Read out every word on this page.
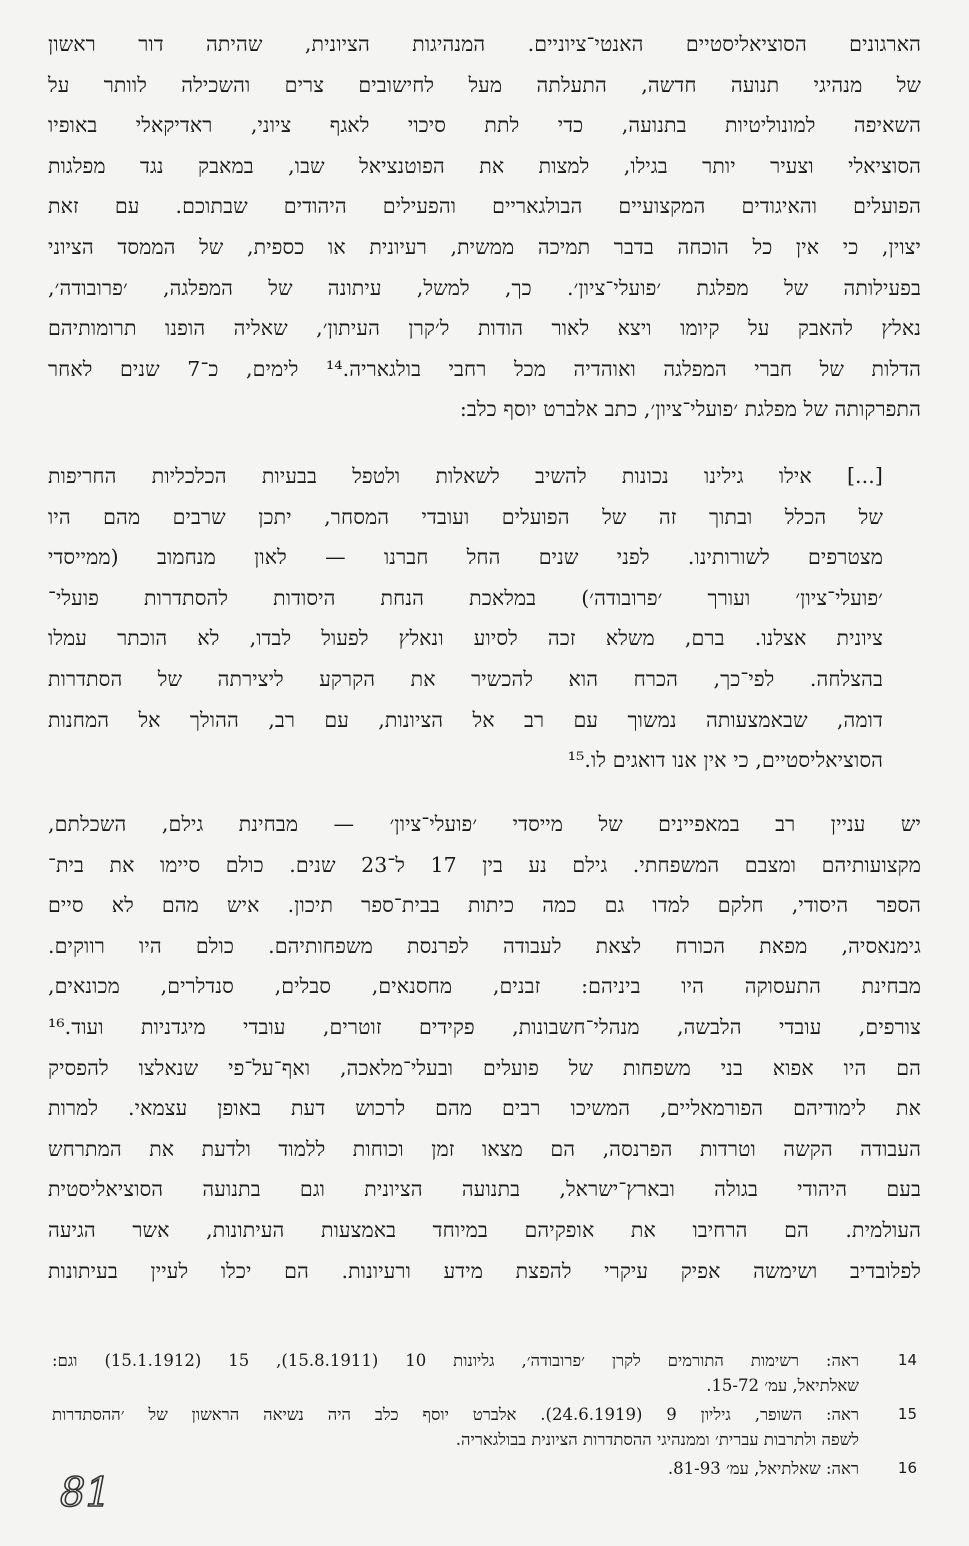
הארגונים הסוציאליסטיים האנטי־ציוניים. המנהיגות הציונית, שהיתה דור ראשון
של מנהיגי תנועה חדשה, התעלתה מעל לחישובים צרים והשכילה לוותר על
השאיפה למונוליטיות בתנועה, כדי לתת סיכוי לאגף ציוני, ראדיקאלי באופיו
הסוציאלי וצעיר יותר בגילו, למצות את הפוטנציאל שבו, במאבק נגד מפלגות
הפועלים והאיגודים המקצועיים הבולגאריים והפעילים היהודים שבתוכם. עם זאת
יצוין, כי אין כל הוכחה בדבר תמיכה ממשית, רעיונית או כספית, של הממסד הציוני
בפעילותה של מפלגת ׳פועלי־ציון׳. כך, למשל, עיתונה של המפלגה, ׳פרובודה׳,
נאלץ להאבק על קיומו ויצא לאור הודות ל׳קרן העיתון׳, שאליה הופנו תרומותיהם
הדלות של חברי המפלגה ואוהדיה מכל רחבי בולגאריה.¹⁴ לימים, כ־7 שנים לאחר
התפרקותה של מפלגת ׳פועלי־ציון׳, כתב אלברט יוסף כלב:
[...] אילו גילינו נכונות להשיב לשאלות ולטפל בבעיות הכלכליות החריפות
של הכלל ובתוך זה של הפועלים ועובדי המסחר, יתכן שרבים מהם היו
מצטרפים לשורותינו. לפני שנים החל חברנו — לאון מנחמוב (ממייסדי
׳פועלי־ציון׳ ועורך ׳פרובודה׳) במלאכת הנחת היסודות להסתדרות פועלי־
ציונית אצלנו. ברם, משלא זכה לסיוע ונאלץ לפעול לבדו, לא הוכתר עמלו
בהצלחה. לפי־כך, הכרח הוא להכשיר את הקרקע ליצירתה של הסתדרות
דומה, שבאמצעותה נמשוך עם רב אל הציונות, עם רב, ההולך אל המחנות
הסוציאליסטיים, כי אין אנו דואגים לו.¹⁵
יש עניין רב במאפיינים של מייסדי ׳פועלי־ציון׳ — מבחינת גילם, השכלתם,
מקצועותיהם ומצבם המשפחתי. גילם נע בין 17 ל־23 שנים. כולם סיימו את בית־
הספר היסודי, חלקם למדו גם כמה כיתות בבית־ספר תיכון. איש מהם לא סיים
גימנאסיה, מפאת הכורח לצאת לעבודה לפרנסת משפחותיהם. כולם היו רווקים.
מבחינת התעסוקה היו ביניהם: זבנים, מחסנאים, סבלים, סנדלרים, מכונאים,
צורפים, עובדי הלבשה, מנהלי־חשבונות, פקידים זוטרים, עובדי מיגדניות ועוד.¹⁶
הם היו אפוא בני משפחות של פועלים ובעלי־מלאכה, ואף־על־פי שנאלצו להפסיק
את לימודיהם הפורמאליים, המשיכו רבים מהם לרכוש דעת באופן עצמאי. למרות
העבודה הקשה וטרדות הפרנסה, הם מצאו זמן וכוחות ללמוד ולדעת את המתרחש
בעם היהודי בגולה ובארץ־ישראל, בתנועה הציונית וגם בתנועה הסוציאליסטית
העולמית. הם הרחיבו את אופקיהם במיוחד באמצעות העיתונות, אשר הגיעה
לפלובדיב ושימשה אפיק עיקרי להפצת מידע ורעיונות. הם יכלו לעיין בעיתונות
14
ראה: רשימות התורמים לקרן ׳פרובודה׳, גליונות 10 (15.8.1911), 15 (15.1.1912) וגם:
שאלתיאל, עמ׳ 15-72.
15
ראה: השופר, גיליון 9 (24.6.1919). אלברט יוסף כלב היה נשיאה הראשון של ׳ההסתדרות
לשפה ולתרבות עברית׳ וממנהיגי ההסתדרות הציונית בבולגאריה.
16
ראה: שאלתיאל, עמ׳ 81-93.
81
